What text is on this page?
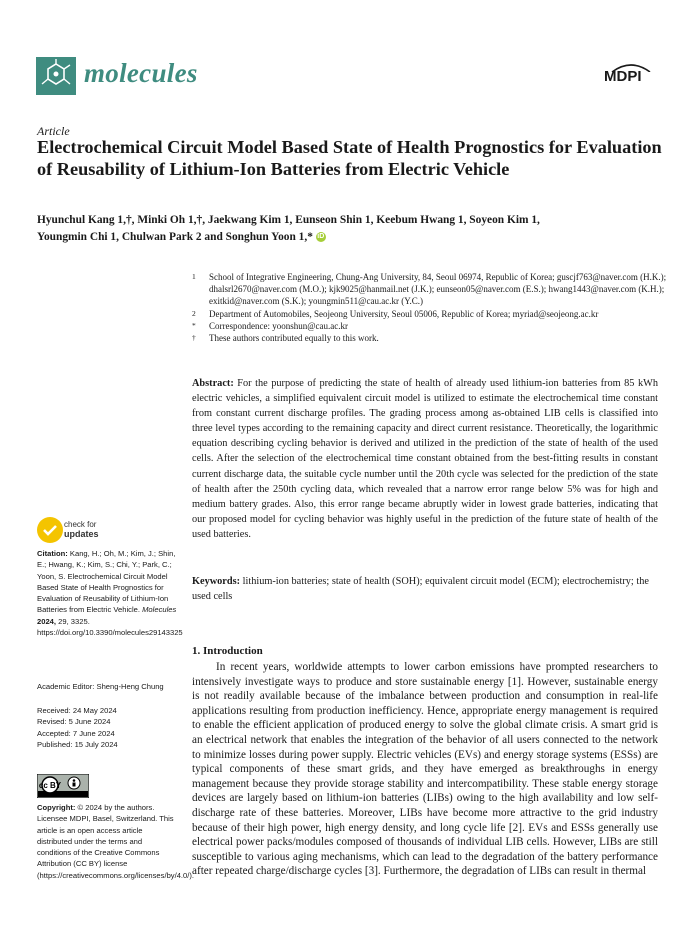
molecules	MDPI
Article
Electrochemical Circuit Model Based State of Health Prognostics for Evaluation of Reusability of Lithium-Ion Batteries from Electric Vehicle
Hyunchul Kang 1,†, Minki Oh 1,†, Jaekwang Kim 1, Eunseon Shin 1, Keebum Hwang 1, Soyeon Kim 1,
Youngmin Chi 1, Chulwan Park 2 and Songhun Yoon 1,* iD
1 School of Integrative Engineering, Chung-Ang University, 84, Seoul 06974, Republic of Korea; guscjf763@naver.com (H.K.); dhalsrl2670@naver.com (M.O.); kjk9025@hanmail.net (J.K.); eunseon05@naver.com (E.S.); hwang1443@naver.com (K.H.); exitkid@naver.com (S.K.); youngmin511@cau.ac.kr (Y.C.)
2 Department of Automobiles, Seojeong University, Seoul 05006, Republic of Korea; myriad@seojeong.ac.kr
* Correspondence: yoonshun@cau.ac.kr
† These authors contributed equally to this work.
Abstract: For the purpose of predicting the state of health of already used lithium-ion batteries from 85 kWh electric vehicles, a simplified equivalent circuit model is utilized to estimate the electrochemical time constant from constant current discharge profiles. The grading process among as-obtained LIB cells is classified into three level types according to the remaining capacity and direct current resistance. Theoretically, the logarithmic equation describing cycling behavior is derived and utilized in the prediction of the state of health of the used cells. After the selection of the electrochemical time constant obtained from the best-fitting results in constant current discharge data, the suitable cycle number until the 20th cycle was selected for the prediction of the state of health after the 250th cycling data, which revealed that a narrow error range below 5% was for high and medium battery grades. Also, this error range became abruptly wider in lowest grade batteries, indicating that our proposed model for cycling behavior was highly useful in the prediction of the future state of health of the used batteries.
Keywords: lithium-ion batteries; state of health (SOH); equivalent circuit model (ECM); electrochemistry; the used cells
check for
updates
Citation: Kang, H.; Oh, M.; Kim, J.; Shin, E.; Hwang, K.; Kim, S.; Chi, Y.; Park, C.; Yoon, S. Electrochemical Circuit Model Based State of Health Prognostics for Evaluation of Reusability of Lithium-Ion Batteries from Electric Vehicle. Molecules 2024, 29, 3325. https://doi.org/10.3390/molecules29143325
Academic Editor: Sheng-Heng Chung
Received: 24 May 2024
Revised: 5 June 2024
Accepted: 7 June 2024
Published: 15 July 2024
cc BY
Copyright: © 2024 by the authors. Licensee MDPI, Basel, Switzerland. This article is an open access article distributed under the terms and conditions of the Creative Commons Attribution (CC BY) license (https://creativecommons.org/licenses/by/4.0/).
1. Introduction
In recent years, worldwide attempts to lower carbon emissions have prompted researchers to intensively investigate ways to produce and store sustainable energy [1]. However, sustainable energy is not readily available because of the imbalance between production and consumption in real-life applications resulting from production inefficiency. Hence, appropriate energy management is required to enable the efficient application of produced energy to solve the global climate crisis. A smart grid is an electrical network that enables the integration of the behavior of all users connected to the network to minimize losses during power supply. Electric vehicles (EVs) and energy storage systems (ESSs) are typical components of these smart grids, and they have emerged as breakthroughs in energy management because they provide storage stability and intercompatibility. These stable energy storage devices are largely based on lithium-ion batteries (LIBs) owing to the high availability and low self-discharge rate of these batteries. Moreover, LIBs have become more attractive to the grid industry because of their high power, high energy density, and long cycle life [2]. EVs and ESSs generally use electrical power packs/modules composed of thousands of individual LIB cells. However, LIBs are still susceptible to various aging mechanisms, which can lead to the degradation of the battery performance after repeated charge/discharge cycles [3]. Furthermore, the degradation of LIBs can result in thermal
